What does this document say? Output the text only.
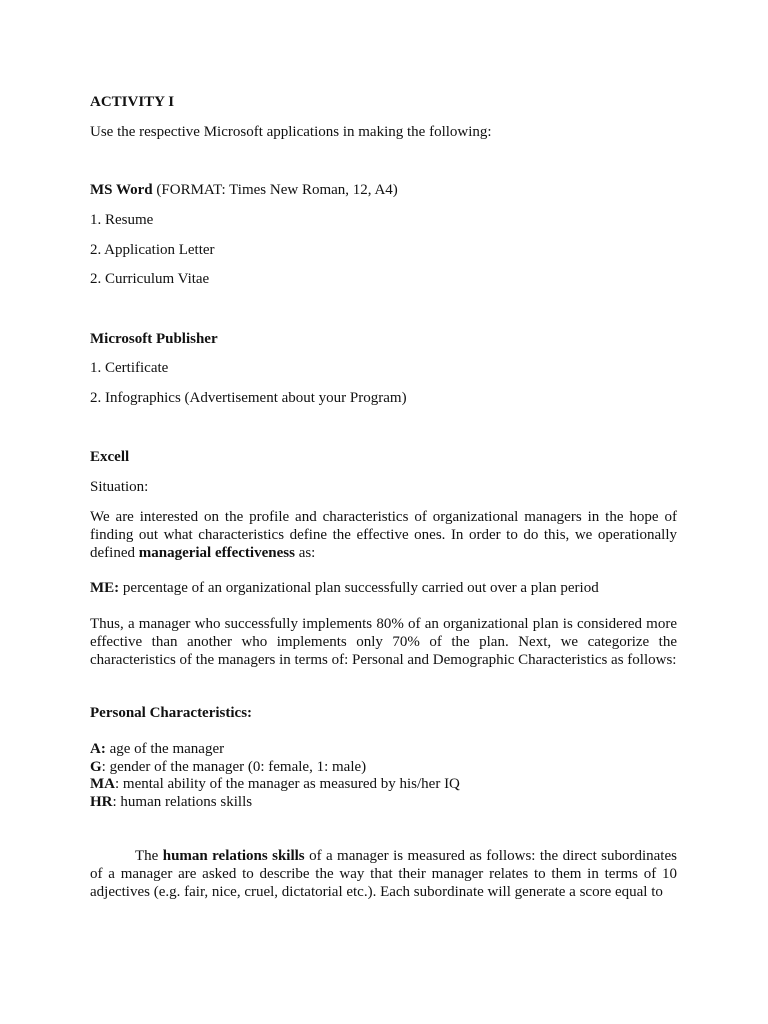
ACTIVITY I
Use the respective Microsoft applications in making the following:
MS Word (FORMAT: Times New Roman, 12, A4)
1. Resume
2. Application Letter
2. Curriculum Vitae
Microsoft Publisher
1. Certificate
2. Infographics (Advertisement about your Program)
Excell
Situation:
We are interested on the profile and characteristics of organizational managers in the hope of finding out what characteristics define the effective ones. In order to do this, we operationally defined managerial effectiveness as:
ME: percentage of an organizational plan successfully carried out over a plan period
Thus, a manager who successfully implements 80% of an organizational plan is considered more effective than another who implements only 70% of the plan. Next, we categorize the characteristics of the managers in terms of: Personal and Demographic Characteristics as follows:
Personal Characteristics:
A: age of the manager
G: gender of the manager (0: female, 1: male)
MA: mental ability of the manager as measured by his/her IQ
HR: human relations skills
The human relations skills of a manager is measured as follows: the direct subordinates of a manager are asked to describe the way that their manager relates to them in terms of 10 adjectives (e.g. fair, nice, cruel, dictatorial etc.). Each subordinate will generate a score equal to
